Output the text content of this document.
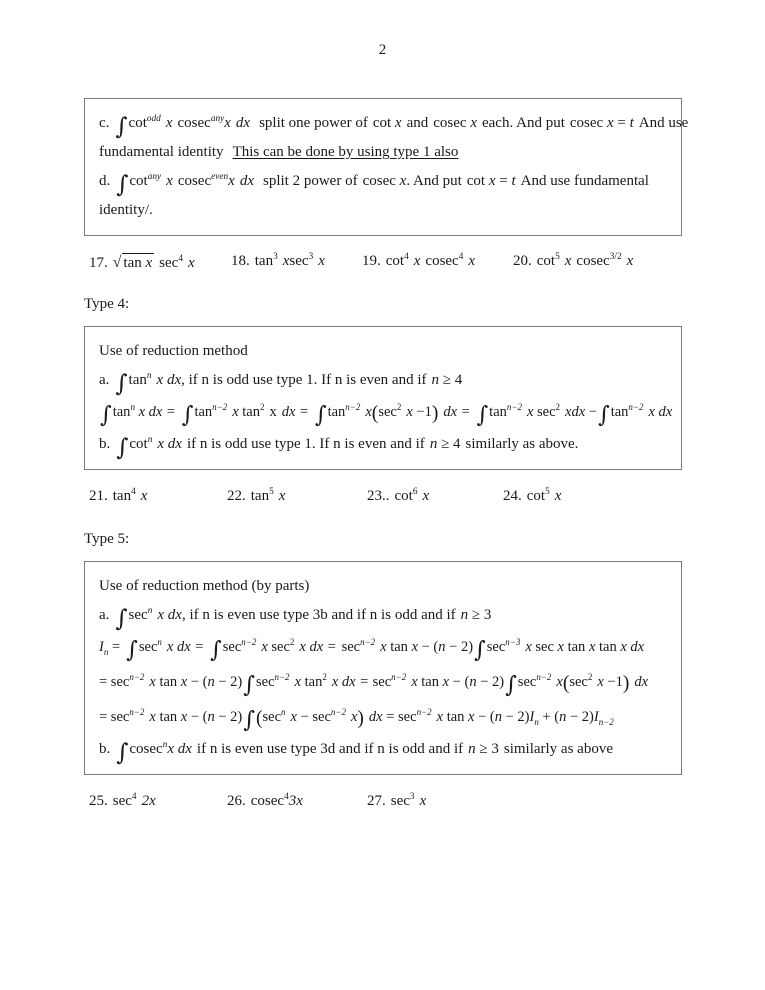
2
c. $\int\cot^{odd}$ x cosec$^{any}$x dx split one power of cot x and cosec x each. And put cosec x = t And use
fundamental identity This can be done by using type 1 also
d. $\int\cot^{any}$ x cosec$^{even}$x dx split 2 power of cosec x. And put cot x = t And use fundamental
identity/.
17. √ tan x $\sec^4 x$ 18. $\tan^3 xsec^3$ x 19. $\cot^4 x$ cosec$^4$ x	20. $\cot^5 x$ cosec$^{3/2}$ x
Type 4:
Use of reduction method
a. $\int\tan^n$ x dx, if n is odd use type 1. If n is even and if n ≥ 4
$\int\tan^n$ x dx = $\int\tan^{n-2}$ x $\tan^2 x$ dx = $\int\tan^{n-2}$ $x(\sec^2$ x −1) dx = $\int\tan^{n-2}$ x $\sec^2$ xdx $-\int\tan^{n-2}$ x dx
b. $\int\cot^n$ x dx if n is odd use type 1. If n is even and if n ≥ 4 similarly as above.
21. $\tan^4 x$	22. $\tan^5 x$	23.. $\cot^6 x$	24. $\cot^5 x$
Type 5:
Use of reduction method (by parts)
a. $\int\sec^n$ x dx, if n is even use type 3b and if n is odd and if n ≥ 3
$I_n = \int\sec^n$ x dx = $\int\sec^{n-2}$ x $\sec^2 x$ dx = $\sec^{n-2} x$ $\tan x - (n - 2)\int\sec^{n-3}$ x sec x tan x tan x dx
= $\sec^{n-2} x$ $\tan x - (n - 2)\int\sec^{n-2}$ x $\tan^2 x$ dx = $\sec^{n-2} x$ $\tan x - (n - 2)\int\sec^{n-2}$ $x(\sec^2$ x −1) dx
= $\sec^{n-2} x$ $\tan x - (n - 2)\int(\sec^n$ $x - \sec^{n-2} x$) dx = $\sec^{n-2} x$ $\tan x - (n - 2)I_n + (n - 2)I_{n-2}$
b. ∫cosec$^n$x dx if n is even use type 3d and if n is odd and if n ≥ 3 similarly as above
25. $\sec^4 2x$	26. cosec$^4$3x	27. $\sec^3 x$
